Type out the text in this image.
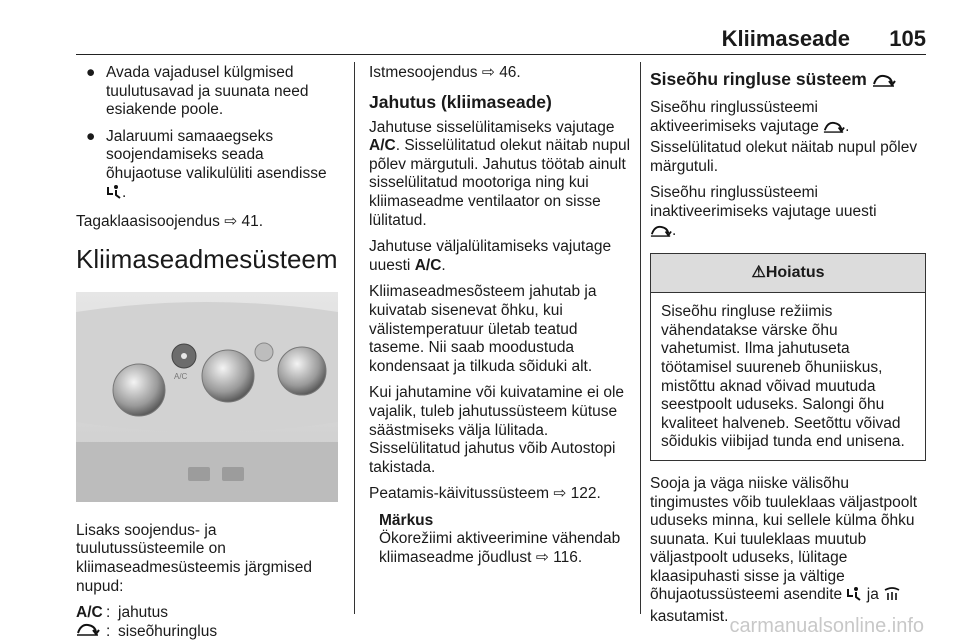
Kliimaseade 105
● Avada vajadusel külgmised tuulutusavad ja suunata need esiakende poole.
● Jalaruumi samaaegseks soojendamiseks seada õhujaotuse valikulüliti asendisse
.

Tagaklaasisoojendus ⇨ 41.

Kliimaseadmesüsteem
A/C

Lisaks soojendus- ja tuulutussüsteemile on kliimaseadmesüsteemis järgmised nupud:

A/C : jahutus
: siseõhuringlus

Istmesoojendus ⇨ 46.

Jahutus (kliimaseade)

Jahutuse sisselülitamiseks vajutage A/C. Sisselülitatud olekut näitab nupul põlev märgutuli. Jahutus töötab ainult sisselülitatud mootoriga ning kui kliimaseadme ventilaator on sisse lülitatud.

Jahutuse väljalülitamiseks vajutage uuesti A/C.

Kliimaseadmesõsteem jahutab ja kuivatab sisenevat õhku, kui välistemperatuur ületab teatud taseme. Nii saab moodustuda kondensaat ja tilkuda sõiduki alt.

Kui jahutamine või kuivatamine ei ole vajalik, tuleb jahutussüsteem kütuse säästmiseks välja lülitada. Sisselülitatud jahutus võib Autostopi takistada.

Peatamis-käivitussüsteem ⇨ 122.

Märkus
Ökorežiimi aktiveerimine vähendab kliimaseadme jõudlust ⇨ 116.
Siseõhu ringluse süsteem

Siseõhu ringlussüsteemi aktiveerimiseks vajutage . Sisselülitatud olekut näitab nupul põlev märgutuli.

Siseõhu ringlussüsteemi inaktiveerimiseks vajutage uuesti
.

⚠Hoiatus
Siseõhu ringluse režiimis vähendatakse värske õhu vahetumist. Ilma jahutuseta töötamisel suureneb õhuniiskus, mistõttu aknad võivad muutuda seestpoolt uduseks. Salongi õhu kvaliteet halveneb. Seetõttu võivad sõidukis viibijad tunda end unisena.

Sooja ja väga niiske välisõhu tingimustes võib tuuleklaas väljastpoolt uduseks minna, kui sellele külma õhku suunata. Kui tuuleklaas muutub väljastpoolt uduseks, lülitage klaasipuhasti sisse ja vältige õhujaotussüsteemi asendite ja  kasutamist. carmanualsonline.info
